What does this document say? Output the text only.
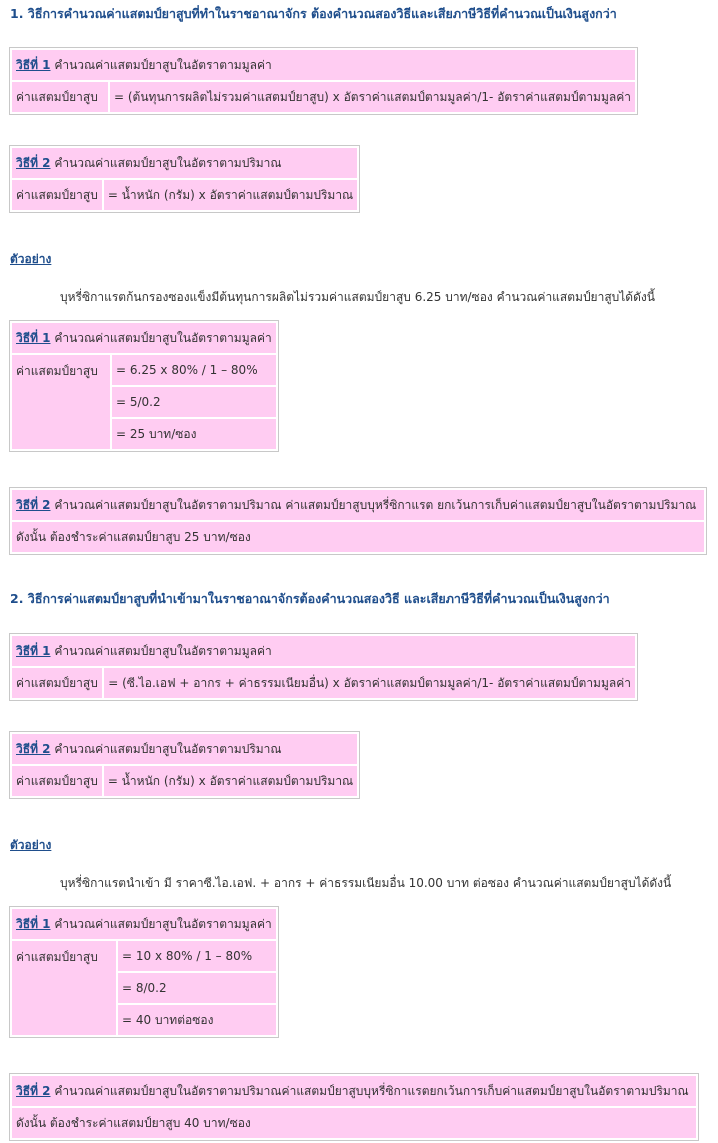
1. วิธีการคำนวณค่าแสตมป์ยาสูบที่ทำในราชอาณาจักร ต้องคำนวณสองวิธีและเสียภาษีวิธีที่คำนวณเป็นเงินสูงกว่า
วิธีที่ 1 คำนวณค่าแสตมป์ยาสูบในอัตราตามมูลค่า
ค่าแสตมป์ยาสูบ	= (ต้นทุนการผลิตไม่รวมค่าแสตมป์ยาสูบ) x อัตราค่าแสตมป์ตามมูลค่า/1- อัตราค่าแสตมป์ตามมูลค่า
วิธีที่ 2 คำนวณค่าแสตมป์ยาสูบในอัตราตามปริมาณ
ค่าแสตมป์ยาสูบ	= น้ำหนัก (กรัม) x อัตราค่าแสตมป์ตามปริมาณ
ตัวอย่าง
บุหรี่ซิกาแรตก้นกรองซองแข็งมีต้นทุนการผลิตไม่รวมค่าแสตมป์ยาสูบ 6.25 บาท/ซอง คำนวณค่าแสตมป์ยาสูบได้ดังนี้
วิธีที่ 1 คำนวณค่าแสตมป์ยาสูบในอัตราตามมูลค่า
ค่าแสตมป์ยาสูบ	= 6.25 x 80% / 1 – 80%
= 5/0.2
= 25 บาท/ซอง
วิธีที่ 2 คำนวณค่าแสตมป์ยาสูบในอัตราตามปริมาณ ค่าแสตมป์ยาสูบบุหรี่ซิกาแรต ยกเว้นการเก็บค่าแสตมป์ยาสูบในอัตราตามปริมาณ
ดังนั้น ต้องชำระค่าแสตมป์ยาสูบ 25 บาท/ซอง
2. วิธีการค่าแสตมป์ยาสูบที่นำเข้ามาในราชอาณาจักรต้องคำนวณสองวิธี และเสียภาษีวิธีที่คำนวณเป็นเงินสูงกว่า
วิธีที่ 1 คำนวณค่าแสตมป์ยาสูบในอัตราตามมูลค่า
ค่าแสตมป์ยาสูบ	= (ซี.ไอ.เอฟ + อากร + ค่าธรรมเนียมอื่น) x อัตราค่าแสตมป์ตามมูลค่า/1- อัตราค่าแสตมป์ตามมูลค่า
วิธีที่ 2 คำนวณค่าแสตมป์ยาสูบในอัตราตามปริมาณ
ค่าแสตมป์ยาสูบ	= น้ำหนัก (กรัม) x อัตราค่าแสตมป์ตามปริมาณ
ตัวอย่าง
บุหรี่ซิกาแรตนำเข้า มี ราคาซี.ไอ.เอฟ. + อากร + ค่าธรรมเนียมอื่น 10.00 บาท ต่อซอง คำนวณค่าแสตมป์ยาสูบได้ดังนี้
วิธีที่ 1 คำนวณค่าแสตมป์ยาสูบในอัตราตามมูลค่า
ค่าแสตมป์ยาสูบ	= 10 x 80% / 1 – 80%
= 8/0.2
= 40 บาทต่อซอง
วิธีที่ 2 คำนวณค่าแสตมป์ยาสูบในอัตราตามปริมาณค่าแสตมป์ยาสูบบุหรี่ซิกาแรตยกเว้นการเก็บค่าแสตมป์ยาสูบในอัตราตามปริมาณ
ดังนั้น ต้องชำระค่าแสตมป์ยาสูบ 40 บาท/ซอง
